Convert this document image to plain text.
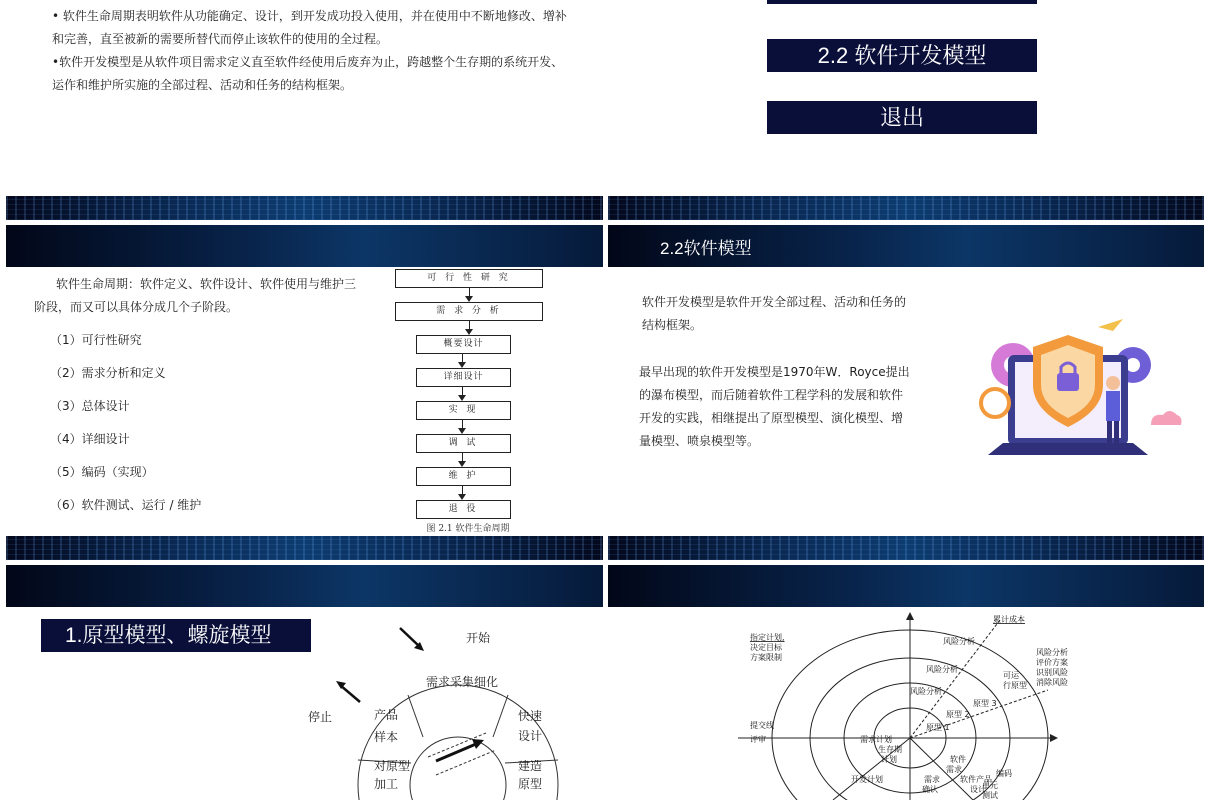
• 软件生命周期表明软件从功能确定、设计，到开发成功投入使用，并在使用中不断地修改、增补和完善，直至被新的需要所替代而停止该软件的使用的全过程。
•软件开发模型是从软件项目需求定义直至软件经使用后废弃为止，跨越整个生存期的系统开发、运作和维护所实施的全部过程、活动和任务的结构框架。
2.2 软件开发模型
退出
软件生命周期：软件定义、软件设计、软件使用与维护三阶段，而又可以具体分成几个子阶段。
（1）可行性研究
（2）需求分析和定义
（3）总体设计
（4）详细设计
（5）编码（实现）
（6）软件测试、运行 / 维护
可 行 性 研 究
需 求 分 析
概要设计
详细设计
实 现
调 试
维 护
退 役
图 2.1 软件生命周期
2.2软件模型
软件开发模型是软件开发全部过程、活动和任务的结构框架。
最早出现的软件开发模型是1970年W．Royce提出的瀑布模型，而后随着软件工程学科的发展和软件开发的实践，相继提出了原型模型、演化模型、增量模型、喷泉模型等。
1.原型模型、螺旋模型	开始
停止
需求采集细化
快速
设计
建造
原型
对原型
加工
产品
样本
指定计划,
决定目标
方案限制
累计成本
风险分析
评价方案
识别风险
消除风险
风险分析
风险分析
风险分析
可运
行原型
原型 3
原型 2
原型 1
提交线
评审	需求计划
生存期
计划
开发计划
软件
需求
需求
确认
软件产品
设计
编码
单元
测试
